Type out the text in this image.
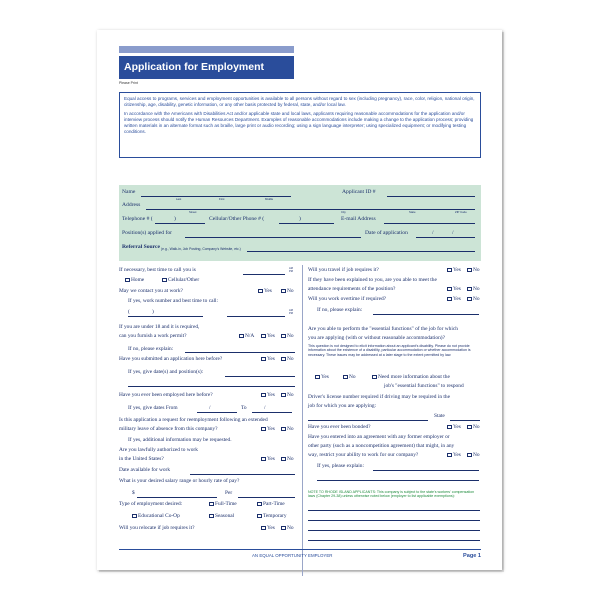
Application for Employment
Please Print

Equal access to programs, services and employment opportunities is available to all persons without regard to sex (including pregnancy), race, color, religion, national origin, citizenship, age, disability, genetic information, or any other basis protected by federal, state, and/or local law.

In accordance with the Americans with Disabilities Act and/or applicable state and local laws, applicants requiring reasonable accommodations for the application and/or interview process should notify the Human Resources Department. Examples of reasonable accommodations include making a change to the application process; providing written materials in an alternate format such as braille, large print or audio recording; using a sign language interpreter; using specialized equipment; or modifying testing conditions.

Name
Last	First	Middle
Applicant ID #
Address
Street	City	State	ZIP Code
Telephone # (	)	Cellular/Other Phone # (	)	E-mail Address
Position(s) applied for	Date of application	/	/
Referral Source (e.g., Walk-in, Job Posting, Company's Website, etc.)
If necessary, best time to call you is	AM
PM
Home	Cellular/Other
May we contact you at work?	Yes	No
If yes, work number and best time to call:
(	)	AM
PM
If you are under 18 and it is required,
can you furnish a work permit?	N/A	Yes	No
If no, please explain:
Have you submitted an application here before?	Yes	No
If yes, give date(s) and position(s):
Have you ever been employed here before?	Yes	No
If yes, give dates From	/	To	/
Is this application a request for reemployment following an extended
military leave of absence from this company?	Yes	No
If yes, additional information may be requested.
Are you lawfully authorized to work
in the United States?	Yes	No
Date available for work
What is your desired salary range or hourly rate of pay?
$	Per
Type of employment desired:	Full-Time	Part-Time
Educational Co-Op	Seasonal	Temporary
Will you relocate if job requires it?	Yes	No
Will you travel if job requires it?	Yes	No
If they have been explained to you, are you able to meet the
attendance requirements of the position?	Yes	No
Will you work overtime if required?	Yes	No
If no, please explain:
Are you able to perform the "essential functions" of the job for which
you are applying (with or without reasonable accommodation)?
This question is not designed to elicit information about an applicant's disability. Please do not provide information about the existence of a disability, particular accommodation or whether accommodation is necessary. These issues may be addressed at a later stage to the extent permitted by law.
Yes	No	Need more information about the
job's "essential functions" to respond
Driver's license number required if driving may be required in the
job for which you are applying:
State
Have you ever been bonded?	Yes	No
Have you entered into an agreement with any former employer or
other party (such as a noncompetition agreement) that might, in any
way, restrict your ability to work for our company?	Yes	No
If yes, please explain:
NOTE TO RHODE ISLAND APPLICANTS: This company is subject to the state's workers' compensation laws (Chapter 29-38) unless otherwise noted below (employer to list applicable exemptions):
AN EQUAL OPPORTUNITY EMPLOYER	Page 1
